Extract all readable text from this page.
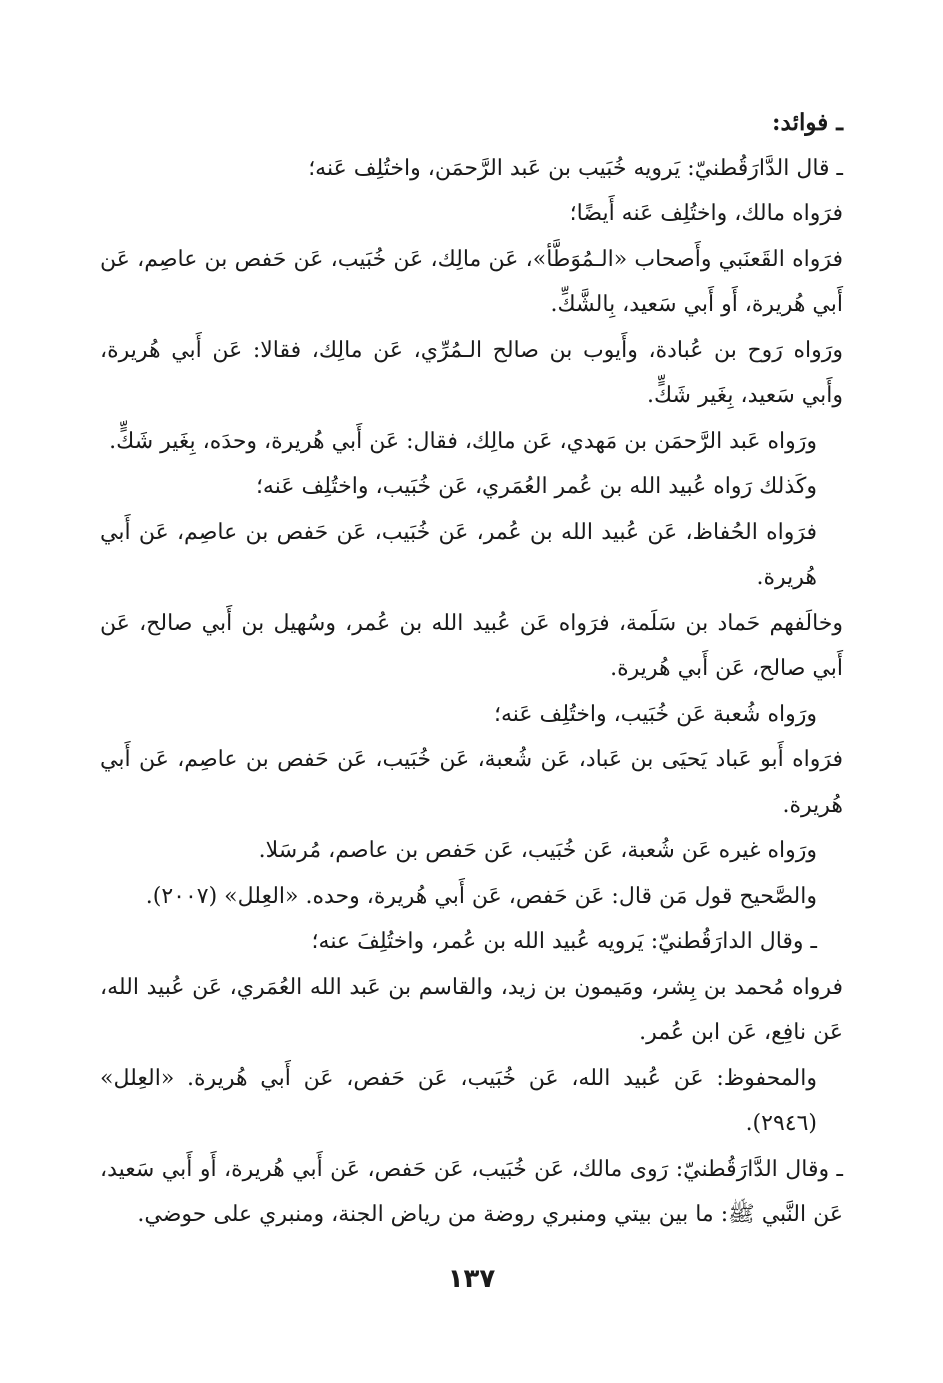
ـ فوائد:

ـ قال الدَّارَقُطنيّ: يَرويه خُبَيب بن عَبد الرَّحمَن، واختُلِف عَنه؛

فرَواه مالك، واختُلِف عَنه أَيضًا؛

فرَواه القَعنَبي وأَصحاب «الـمُوَطَّأ»، عَن مالِك، عَن خُبَيب، عَن حَفص بن عاصِم، عَن أَبي هُريرة، أَو أَبي سَعيد، بِالشَّكِّ.

ورَواه رَوح بن عُبادة، وأَيوب بن صالح الـمُرِّي، عَن مالِك، فقالا: عَن أَبي هُريرة، وأَبي سَعيد، بِغَير شَكٍّ.

ورَواه عَبد الرَّحمَن بن مَهدي، عَن مالِك، فقال: عَن أَبي هُريرة، وحدَه، بِغَير شَكٍّ.

وكَذلك رَواه عُبيد الله بن عُمر العُمَري، عَن خُبَيب، واختُلِف عَنه؛

فرَواه الحُفاظ، عَن عُبيد الله بن عُمر، عَن خُبَيب، عَن حَفص بن عاصِم، عَن أَبي هُريرة.

وخالَفهم حَماد بن سَلَمة، فرَواه عَن عُبيد الله بن عُمر، وسُهيل بن أَبي صالح، عَن أَبي صالح، عَن أَبي هُريرة.

ورَواه شُعبة عَن خُبَيب، واختُلِف عَنه؛

فرَواه أَبو عَباد يَحيَى بن عَباد، عَن شُعبة، عَن خُبَيب، عَن حَفص بن عاصِم، عَن أَبي هُريرة.

ورَواه غيره عَن شُعبة، عَن خُبَيب، عَن حَفص بن عاصم، مُرسَلا.

والصَّحيح قول مَن قال: عَن حَفص، عَن أَبي هُريرة، وحده. «العِلل» (٢٠٠٧).

ـ وقال الدارَقُطنيّ: يَرويه عُبيد الله بن عُمر، واختُلِفَ عنه؛

فرواه مُحمد بن بِشر، ومَيمون بن زيد، والقاسم بن عَبد الله العُمَري، عَن عُبيد الله، عَن نافِع، عَن ابن عُمر.

والمحفوظ: عَن عُبيد الله، عَن خُبَيب، عَن حَفص، عَن أَبي هُريرة. «العِلل» (٢٩٤٦).

ـ وقال الدَّارَقُطنيّ: رَوى مالك، عَن خُبَيب، عَن حَفص، عَن أَبي هُريرة، أَو أَبي سَعيد، عَن النَّبي ﷺ: ما بين بيتي ومنبري روضة من رياض الجنة، ومنبري على حوضي.

١٣٧
